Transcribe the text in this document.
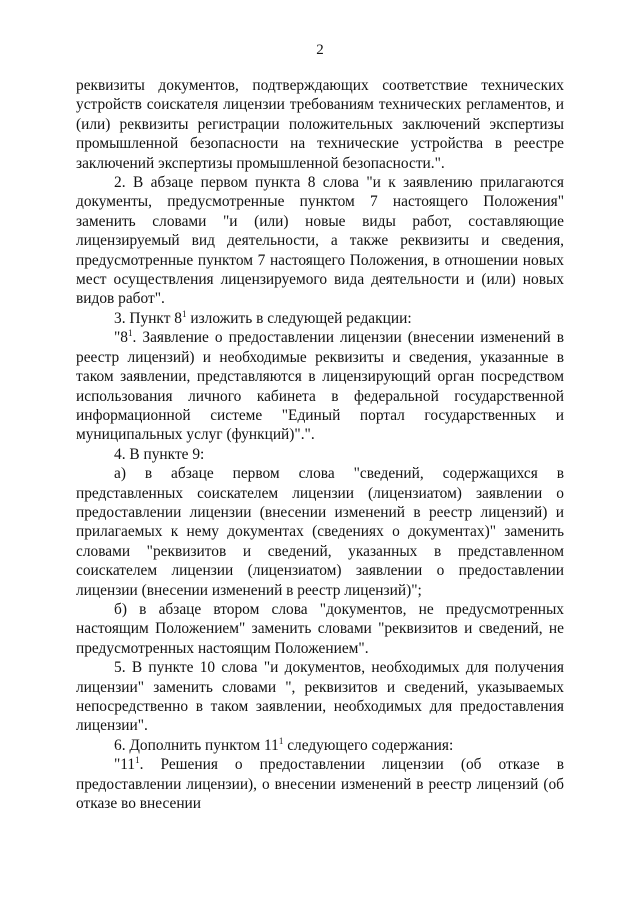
2

реквизиты документов, подтверждающих соответствие технических устройств соискателя лицензии требованиям технических регламентов, и (или) реквизиты регистрации положительных заключений экспертизы промышленной безопасности на технические устройства в реестре заключений экспертизы промышленной безопасности.".

2. В абзаце первом пункта 8 слова "и к заявлению прилагаются документы, предусмотренные пунктом 7 настоящего Положения" заменить словами "и (или) новые виды работ, составляющие лицензируемый вид деятельности, а также реквизиты и сведения, предусмотренные пунктом 7 настоящего Положения, в отношении новых мест осуществления лицензируемого вида деятельности и (или) новых видов работ".

3. Пункт $8^1$ изложить в следующей редакции:

"$8^1$. Заявление о предоставлении лицензии (внесении изменений в реестр лицензий) и необходимые реквизиты и сведения, указанные в таком заявлении, представляются в лицензирующий орган посредством использования личного кабинета в федеральной государственной информационной системе "Единый портал государственных и муниципальных услуг (функций)".".

4. В пункте 9:

а) в абзаце первом слова "сведений, содержащихся в представленных соискателем лицензии (лицензиатом) заявлении о предоставлении лицензии (внесении изменений в реестр лицензий) и прилагаемых к нему документах (сведениях о документах)" заменить словами "реквизитов и сведений, указанных в представленном соискателем лицензии (лицензиатом) заявлении о предоставлении лицензии (внесении изменений в реестр лицензий)";

б) в абзаце втором слова "документов, не предусмотренных настоящим Положением" заменить словами "реквизитов и сведений, не предусмотренных настоящим Положением".

5. В пункте 10 слова "и документов, необходимых для получения лицензии" заменить словами ", реквизитов и сведений, указываемых непосредственно в таком заявлении, необходимых для предоставления лицензии".

6. Дополнить пунктом $11^1$ следующего содержания:

"$11^1$. Решения о предоставлении лицензии (об отказе в предоставлении лицензии), о внесении изменений в реестр лицензий (об отказе во внесении
